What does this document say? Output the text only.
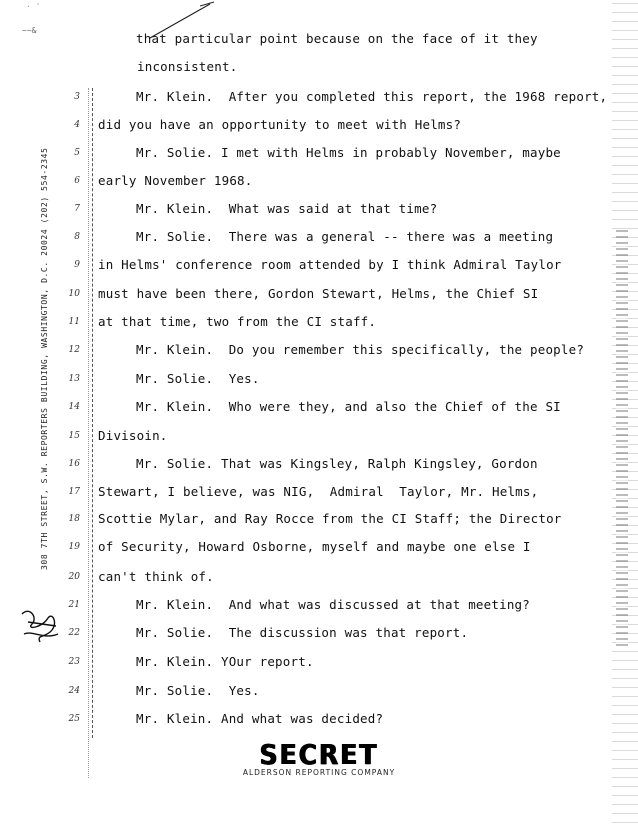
· '
~~&
308 7TH STREET, S.W. REPORTERS BUILDING, WASHINGTON, D.C. 20024 (202) 554-2345
that particular point because on the face of it they
inconsistent.
3	Mr. Klein.  After you completed this report, the 1968 report,
4 did you have an opportunity to meet with Helms?
5	Mr. Solie. I met with Helms in probably November, maybe
6 early November 1968.
7	Mr. Klein.  What was said at that time?
8	Mr. Solie.  There was a general -- there was a meeting
9 in Helms' conference room attended by I think Admiral Taylor
10 must have been there, Gordon Stewart, Helms, the Chief SI
11 at that time, two from the CI staff.
12	Mr. Klein.  Do you remember this specifically, the people?
13	Mr. Solie.  Yes.
14	Mr. Klein.  Who were they, and also the Chief of the SI
15 Divisoin.
16	Mr. Solie. That was Kingsley, Ralph Kingsley, Gordon
17 Stewart, I believe, was NIG,  Admiral  Taylor, Mr. Helms,
18 Scottie Mylar, and Ray Rocce from the CI Staff; the Director
19 of Security, Howard Osborne, myself and maybe one else I
20 can't think of.
21	Mr. Klein.  And what was discussed at that meeting?
22	Mr. Solie.  The discussion was that report.
23	Mr. Klein. YOur report.
24	Mr. Solie.  Yes.
25	Mr. Klein. And what was decided?
SECRET
ALDERSON REPORTING COMPANY
